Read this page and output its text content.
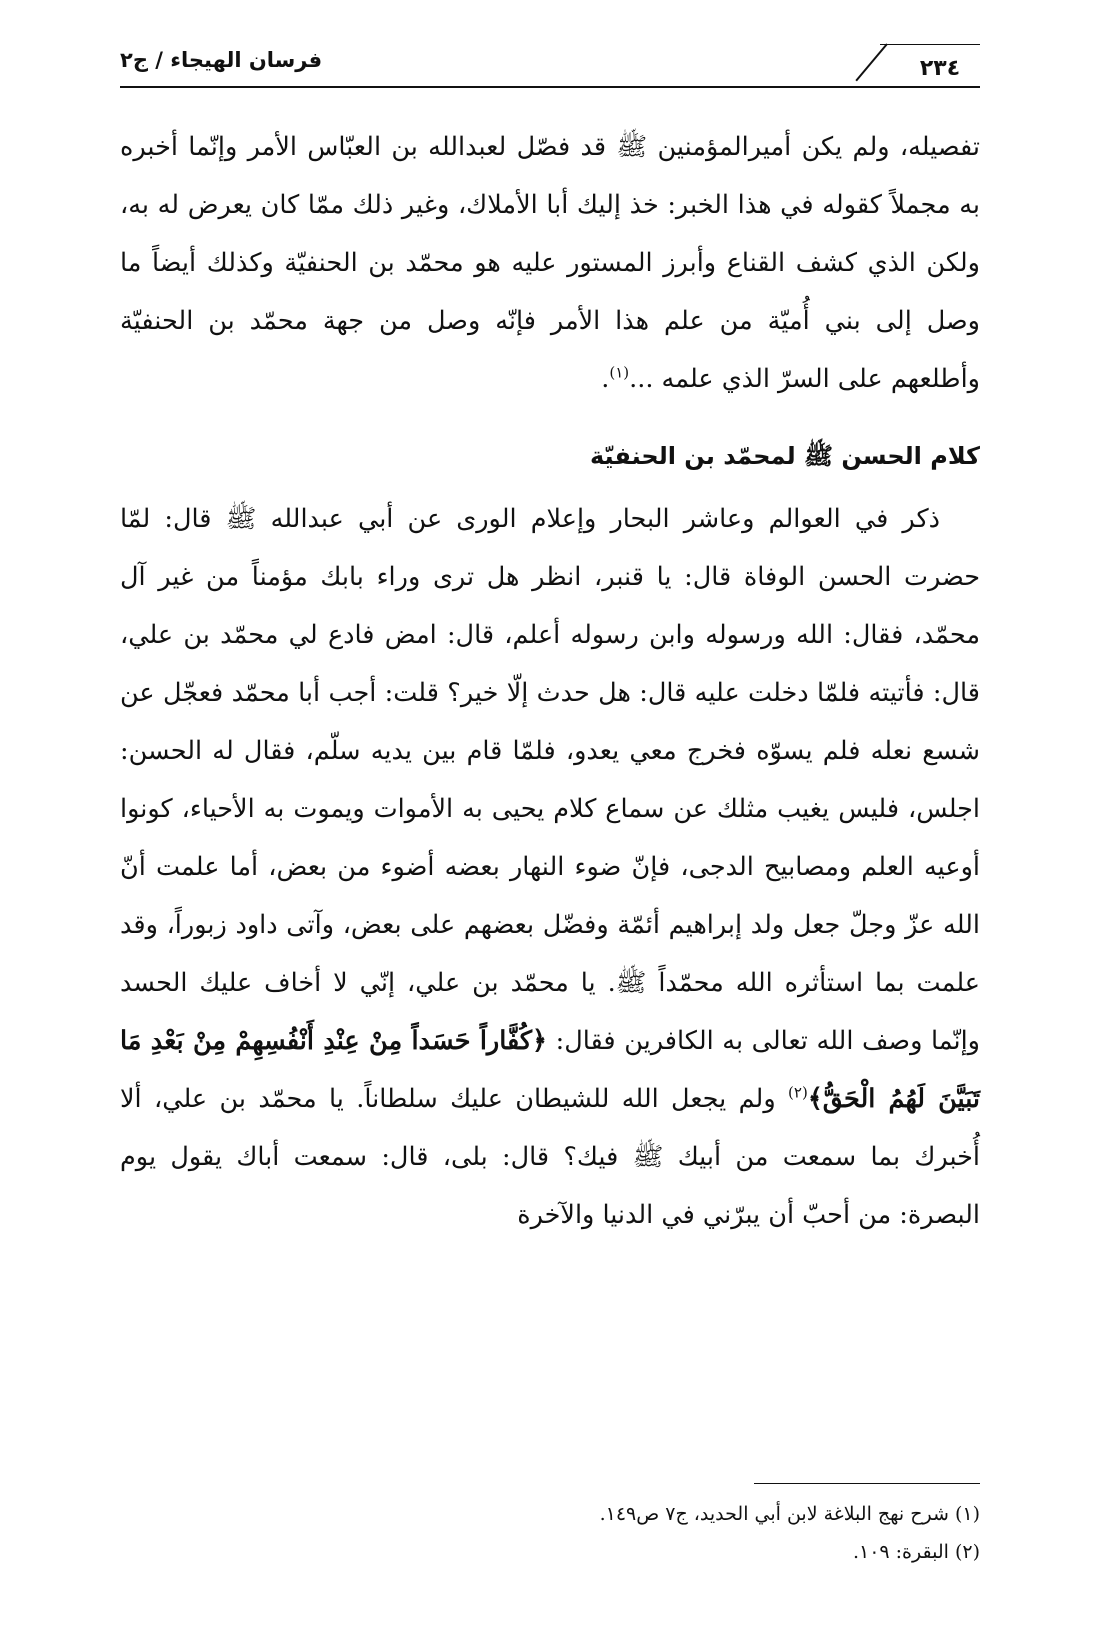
فرسان الهيجاء / ج٢	٢٣٤

تفصيله، ولم يكن أميرالمؤمنين ﷺ قد فصّل لعبدالله بن العبّاس الأمر وإنّما أخبره به مجملاً كقوله في هذا الخبر: خذ إليك أبا الأملاك، وغير ذلك ممّا كان يعرض له به، ولكن الذي كشف القناع وأبرز المستور عليه هو محمّد بن الحنفيّة وكذلك أيضاً ما وصل إلى بني أُميّة من علم هذا الأمر فإنّه وصل من جهة محمّد بن الحنفيّة وأطلعهم على السرّ الذي علمه ...$^{(١)}$.

كلام الحسن ﷺ لمحمّد بن الحنفيّة

ذكر في العوالم وعاشر البحار وإعلام الورى عن أبي عبدالله ﷺ قال: لمّا حضرت الحسن الوفاة قال: يا قنبر، انظر هل ترى وراء بابك مؤمناً من غير آل محمّد، فقال: الله ورسوله وابن رسوله أعلم، قال: امض فادع لي محمّد بن علي، قال: فأتيته فلمّا دخلت عليه قال: هل حدث إلّا خير؟ قلت: أجب أبا محمّد فعجّل عن شسع نعله فلم يسوّه فخرج معي يعدو، فلمّا قام بين يديه سلّم، فقال له الحسن: اجلس، فليس يغيب مثلك عن سماع كلام يحيى به الأموات ويموت به الأحياء، كونوا أوعيه العلم ومصابيح الدجى، فإنّ ضوء النهار بعضه أضوء من بعض، أما علمت أنّ الله عزّ وجلّ جعل ولد إبراهيم أئمّة وفضّل بعضهم على بعض، وآتى داود زبوراً، وقد علمت بما استأثره الله محمّداً ﷺ. يا محمّد بن علي، إنّي لا أخاف عليك الحسد وإنّما وصف الله تعالى به الكافرين فقال: ﴿كُفَّاراً حَسَداً مِنْ عِنْدِ أَنْفُسِهِمْ مِنْ بَعْدِ مَا تَبَيَّنَ لَهُمُ الْحَقُّ﴾$^{(٢)}$ ولم يجعل الله للشيطان عليك سلطاناً. يا محمّد بن علي، ألا أُخبرك بما سمعت من أبيك ﷺ فيك؟ قال: بلى، قال: سمعت أباك يقول يوم البصرة: من أحبّ أن يبرّني في الدنيا والآخرة

(١) شرح نهج البلاغة لابن أبي الحديد، ج٧ ص١٤٩.

(٢) البقرة: ١٠٩.
